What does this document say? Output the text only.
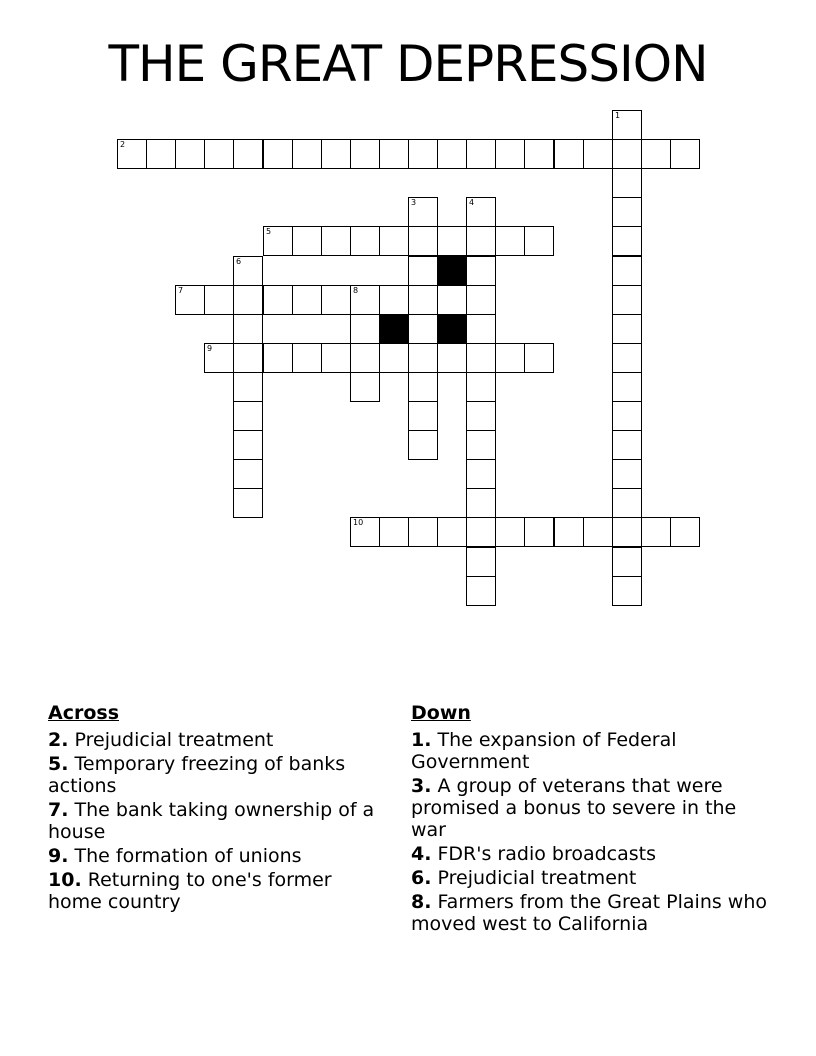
THE GREAT DEPRESSION
1
2
3	4
5
6
7	8
9
10
Across
2. Prejudicial treatment
5. Temporary freezing of banks actions
7. The bank taking ownership of a house
9. The formation of unions
10. Returning to one's former home country
Down
1. The expansion of Federal Government
3. A group of veterans that were promised a bonus to severe in the war
4. FDR's radio broadcasts
6. Prejudicial treatment
8. Farmers from the Great Plains who moved west to California
